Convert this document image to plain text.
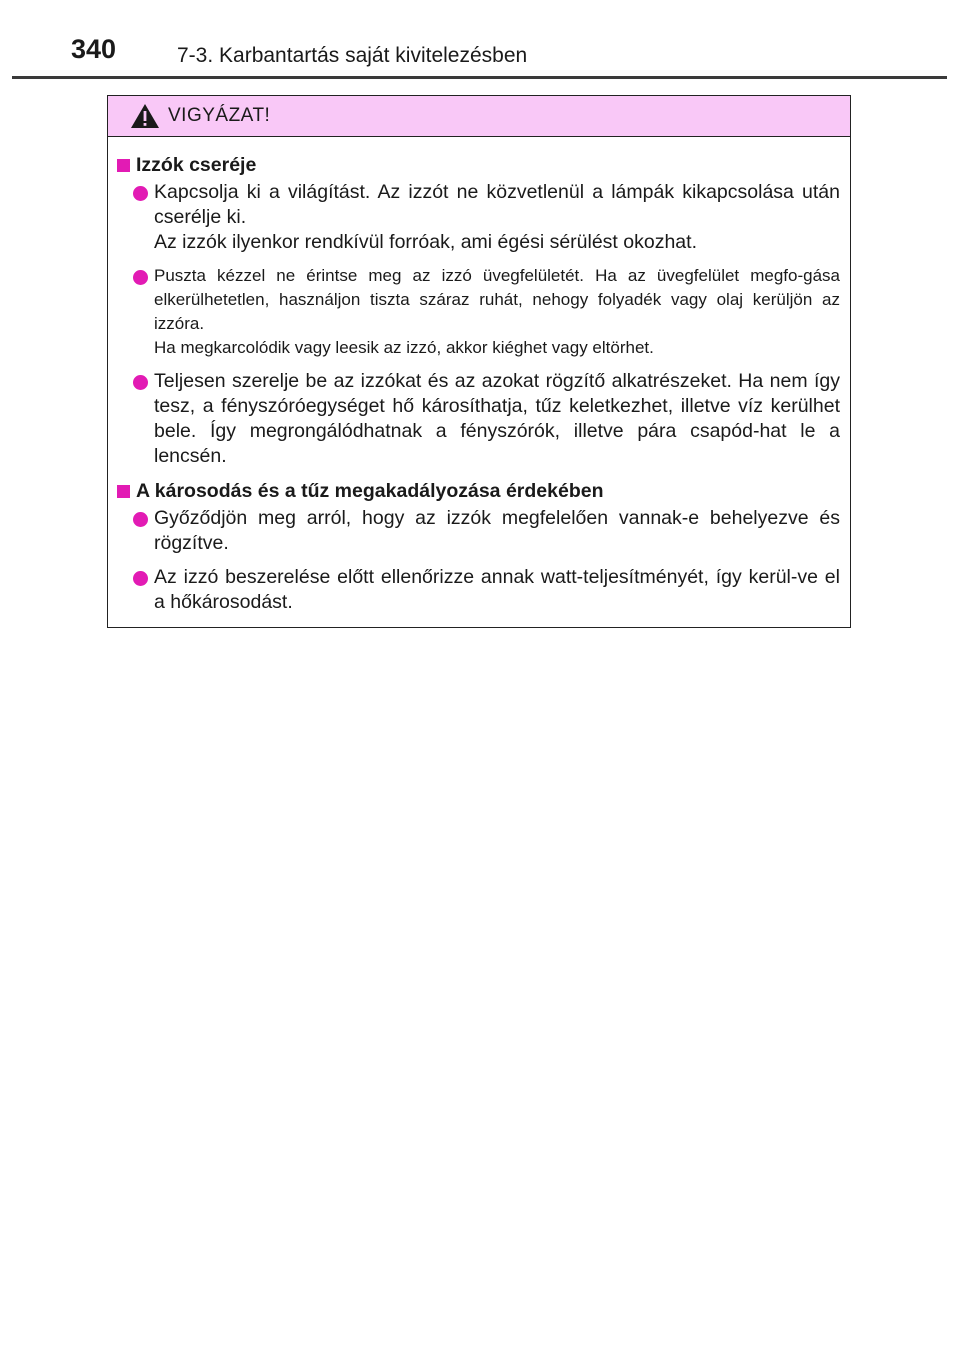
340	7-3. Karbantartás saját kivitelezésben
VIGYÁZAT!
Izzók cseréje

Kapcsolja ki a világítást. Az izzót ne közvetlenül a lámpák kikapcsolása után cserélje ki.

Az izzók ilyenkor rendkívül forróak, ami égési sérülést okozhat.

Puszta kézzel ne érintse meg az izzó üvegfelületét. Ha az üvegfelület megfo-gása elkerülhetetlen, használjon tiszta száraz ruhát, nehogy folyadék vagy olaj kerüljön az izzóra.

Ha megkarcolódik vagy leesik az izzó, akkor kiéghet vagy eltörhet.

Teljesen szerelje be az izzókat és az azokat rögzítő alkatrészeket. Ha nem így tesz, a fényszóróegységet hő károsíthatja, tűz keletkezhet, illetve víz kerülhet bele. Így megrongálódhatnak a fényszórók, illetve pára csapód-hat le a lencsén.

A károsodás és a tűz megakadályozása érdekében

Győződjön meg arról, hogy az izzók megfelelően vannak-e behelyezve és rögzítve.

Az izzó beszerelése előtt ellenőrizze annak watt-teljesítményét, így kerül-ve el a hőkárosodást.
